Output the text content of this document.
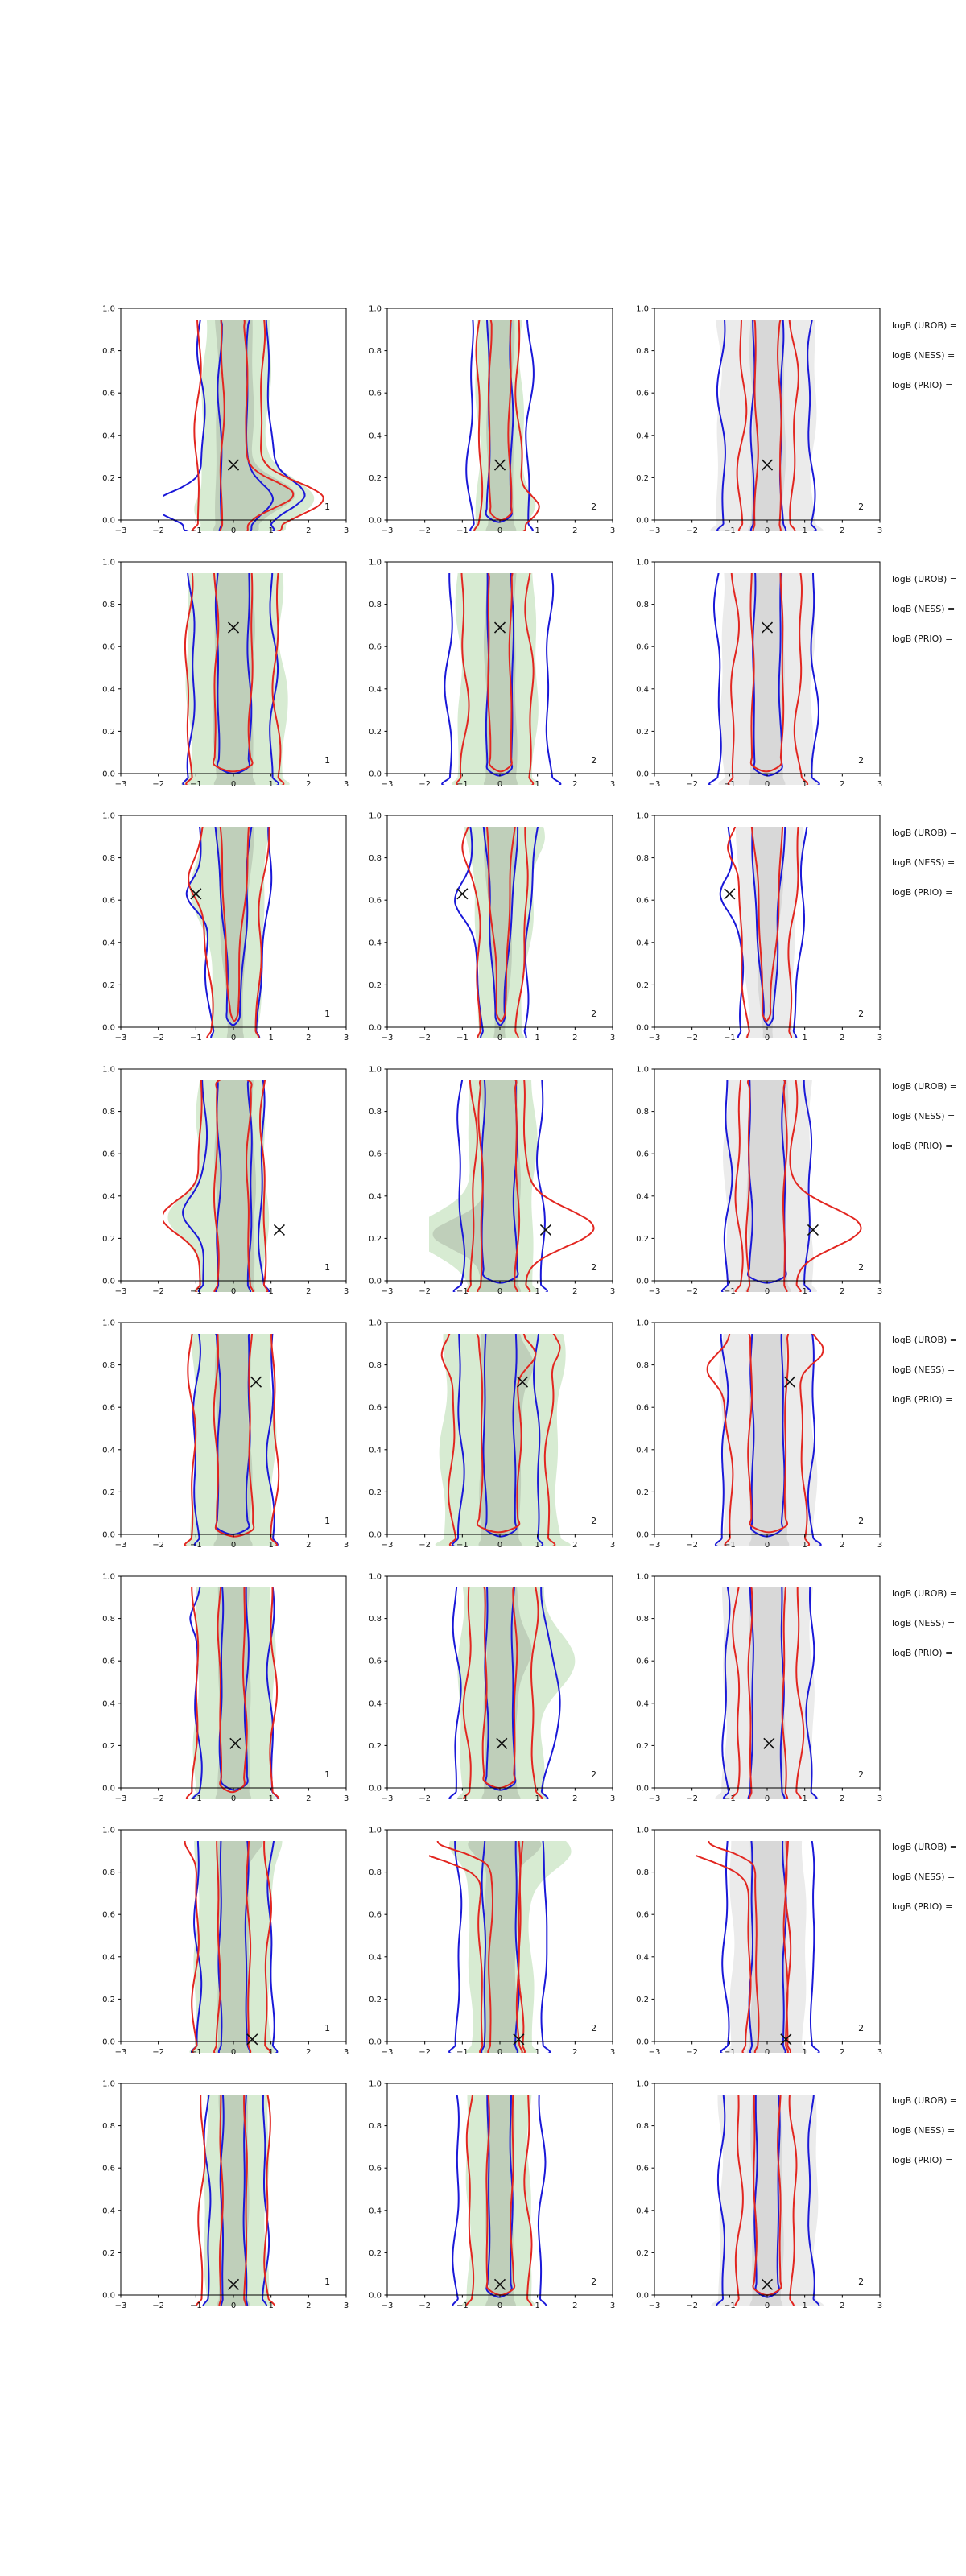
1
−3	−2	−1	0	1	2	3
0.0
0.2
0.4
0.6
0.8
1.0
2
−3	−2	−1	0	1	2	3
0.0
0.2
0.4
0.6
0.8
1.0
2
−3	−2	−1	0	1	2	3
0.0
0.2
0.4
0.6
0.8
1.0
1
−3	−2	−1	0	1	2	3
0.0
0.2
0.4
0.6
0.8
1.0
2
−3	−2	−1	0	1	2	3
0.0
0.2
0.4
0.6
0.8
1.0
2
−3	−2	−1	0	1	2	3
0.0
0.2
0.4
0.6
0.8
1.0
1
−3	−2	−1	0	1	2	3
0.0
0.2
0.4
0.6
0.8
1.0
2
−3	−2	−1	0	1	2	3
0.0
0.2
0.4
0.6
0.8
1.0
2
−3	−2	−1	0	1	2	3
0.0
0.2
0.4
0.6
0.8
1.0
1
−3	−2	−1	0	1	2	3
0.0
0.2
0.4
0.6
0.8
1.0
2
−3	−2	−1	0	1	2	3
0.0
0.2
0.4
0.6
0.8
1.0
2
−3	−2	−1	0	1	2	3
0.0
0.2
0.4
0.6
0.8
1.0
1
−3	−2	−1	0	1	2	3
0.0
0.2
0.4
0.6
0.8
1.0
2
−3	−2	−1	0	1	2	3
0.0
0.2
0.4
0.6
0.8
1.0
2
−3	−2	−1	0	1	2	3
0.0
0.2
0.4
0.6
0.8
1.0
1
−3	−2	−1	0	1	2	3
0.0
0.2
0.4
0.6
0.8
1.0
2
−3	−2	−1	0	1	2	3
0.0
0.2
0.4
0.6
0.8
1.0
2
−3	−2	−1	0	1	2	3
0.0
0.2
0.4
0.6
0.8
1.0
1
−3	−2	−1	0	1	2	3
0.0
0.2
0.4
0.6
0.8
1.0
2
−3	−2	−1	0	1	2	3
0.0
0.2
0.4
0.6
0.8
1.0
2
−3	−2	−1	0	1	2	3
0.0
0.2
0.4
0.6
0.8
1.0
1
−3	−2	−1	0	1	2	3
0.0
0.2
0.4
0.6
0.8
1.0
2
−3	−2	−1	0	1	2	3
0.0
0.2
0.4
0.6
0.8
1.0
2
−3	−2	−1	0	1	2	3
0.0
0.2
0.4
0.6
0.8
1.0
logB (UROB) =
logB (NESS) =
logB (PRIO) =
logB (UROB) =
logB (NESS) =
logB (PRIO) =
logB (UROB) =
logB (NESS) =
logB (PRIO) =
logB (UROB) =
logB (NESS) =
logB (PRIO) =
logB (UROB) =
logB (NESS) =
logB (PRIO) =
logB (UROB) =
logB (NESS) =
logB (PRIO) =
logB (UROB) =
logB (NESS) =
logB (PRIO) =
logB (UROB) =
logB (NESS) =
logB (PRIO) =
